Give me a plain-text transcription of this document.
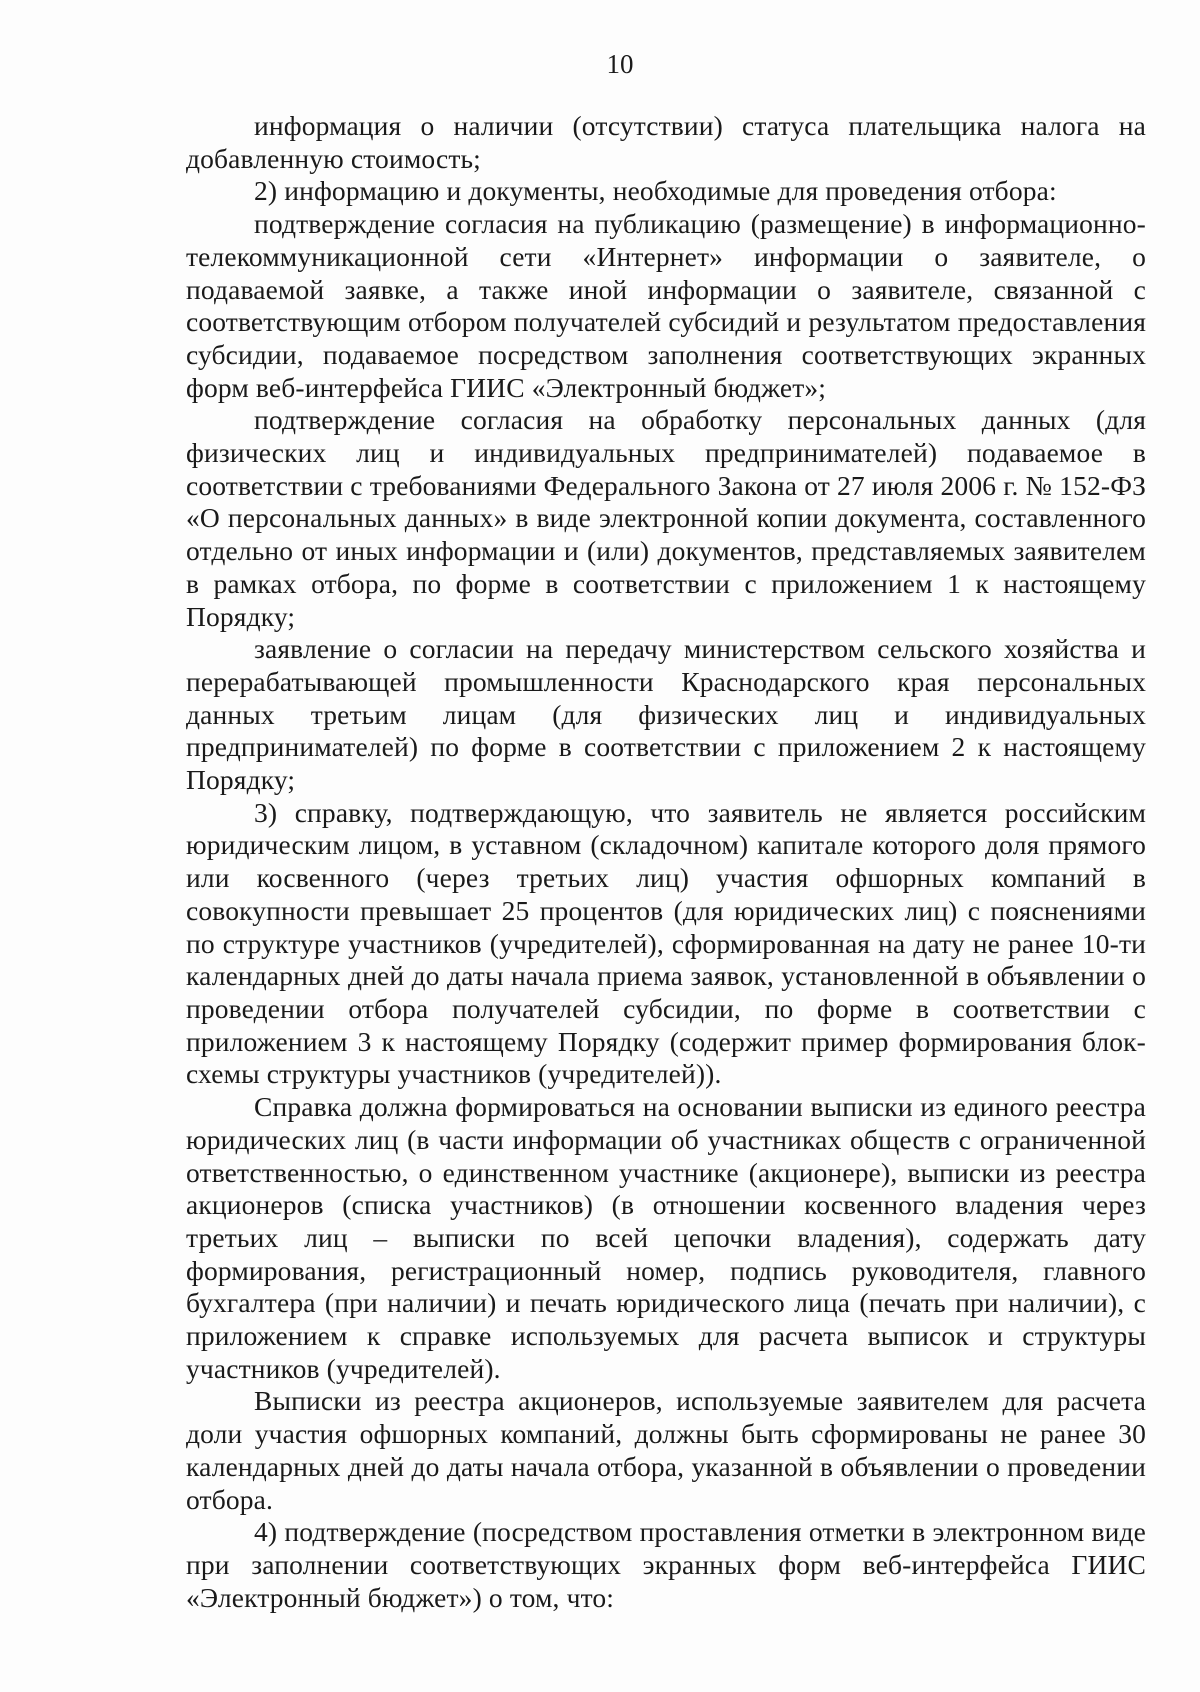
10

информация о наличии (отсутствии) статуса плательщика налога на добавленную стоимость;

2) информацию и документы, необходимые для проведения отбора:

подтверждение согласия на публикацию (размещение) в информационно-телекоммуникационной сети «Интернет» информации о заявителе, о подаваемой заявке, а также иной информации о заявителе, связанной с соответствующим отбором получателей субсидий и результатом предоставления субсидии, подаваемое посредством заполнения соответствующих экранных форм веб-интерфейса ГИИС «Электронный бюджет»;

подтверждение согласия на обработку персональных данных (для физических лиц и индивидуальных предпринимателей) подаваемое в соответствии с требованиями Федерального Закона от 27 июля 2006 г. № 152-ФЗ «О персональных данных» в виде электронной копии документа, составленного отдельно от иных информации и (или) документов, представляемых заявителем в рамках отбора, по форме в соответствии с приложением 1 к настоящему Порядку;

заявление о согласии на передачу министерством сельского хозяйства и перерабатывающей промышленности Краснодарского края персональных данных третьим лицам (для физических лиц и индивидуальных предпринимателей) по форме в соответствии с приложением 2 к настоящему Порядку;

3) справку, подтверждающую, что заявитель не является российским юридическим лицом, в уставном (складочном) капитале которого доля прямого или косвенного (через третьих лиц) участия офшорных компаний в совокупности превышает 25 процентов (для юридических лиц) с пояснениями по структуре участников (учредителей), сформированная на дату не ранее 10-ти календарных дней до даты начала приема заявок, установленной в объявлении о проведении отбора получателей субсидии, по форме в соответствии с приложением 3 к настоящему Порядку (содержит пример формирования блок-схемы структуры участников (учредителей)).

Справка должна формироваться на основании выписки из единого реестра юридических лиц (в части информации об участниках обществ с ограниченной ответственностью, о единственном участнике (акционере), выписки из реестра акционеров (списка участников) (в отношении косвенного владения через третьих лиц – выписки по всей цепочки владения), содержать дату формирования, регистрационный номер, подпись руководителя, главного бухгалтера (при наличии) и печать юридического лица (печать при наличии), с приложением к справке используемых для расчета выписок и структуры участников (учредителей).

Выписки из реестра акционеров, используемые заявителем для расчета доли участия офшорных компаний, должны быть сформированы не ранее 30 календарных дней до даты начала отбора, указанной в объявлении о проведении отбора.

4) подтверждение (посредством проставления отметки в электронном виде при заполнении соответствующих экранных форм веб-интерфейса ГИИС «Электронный бюджет») о том, что:
